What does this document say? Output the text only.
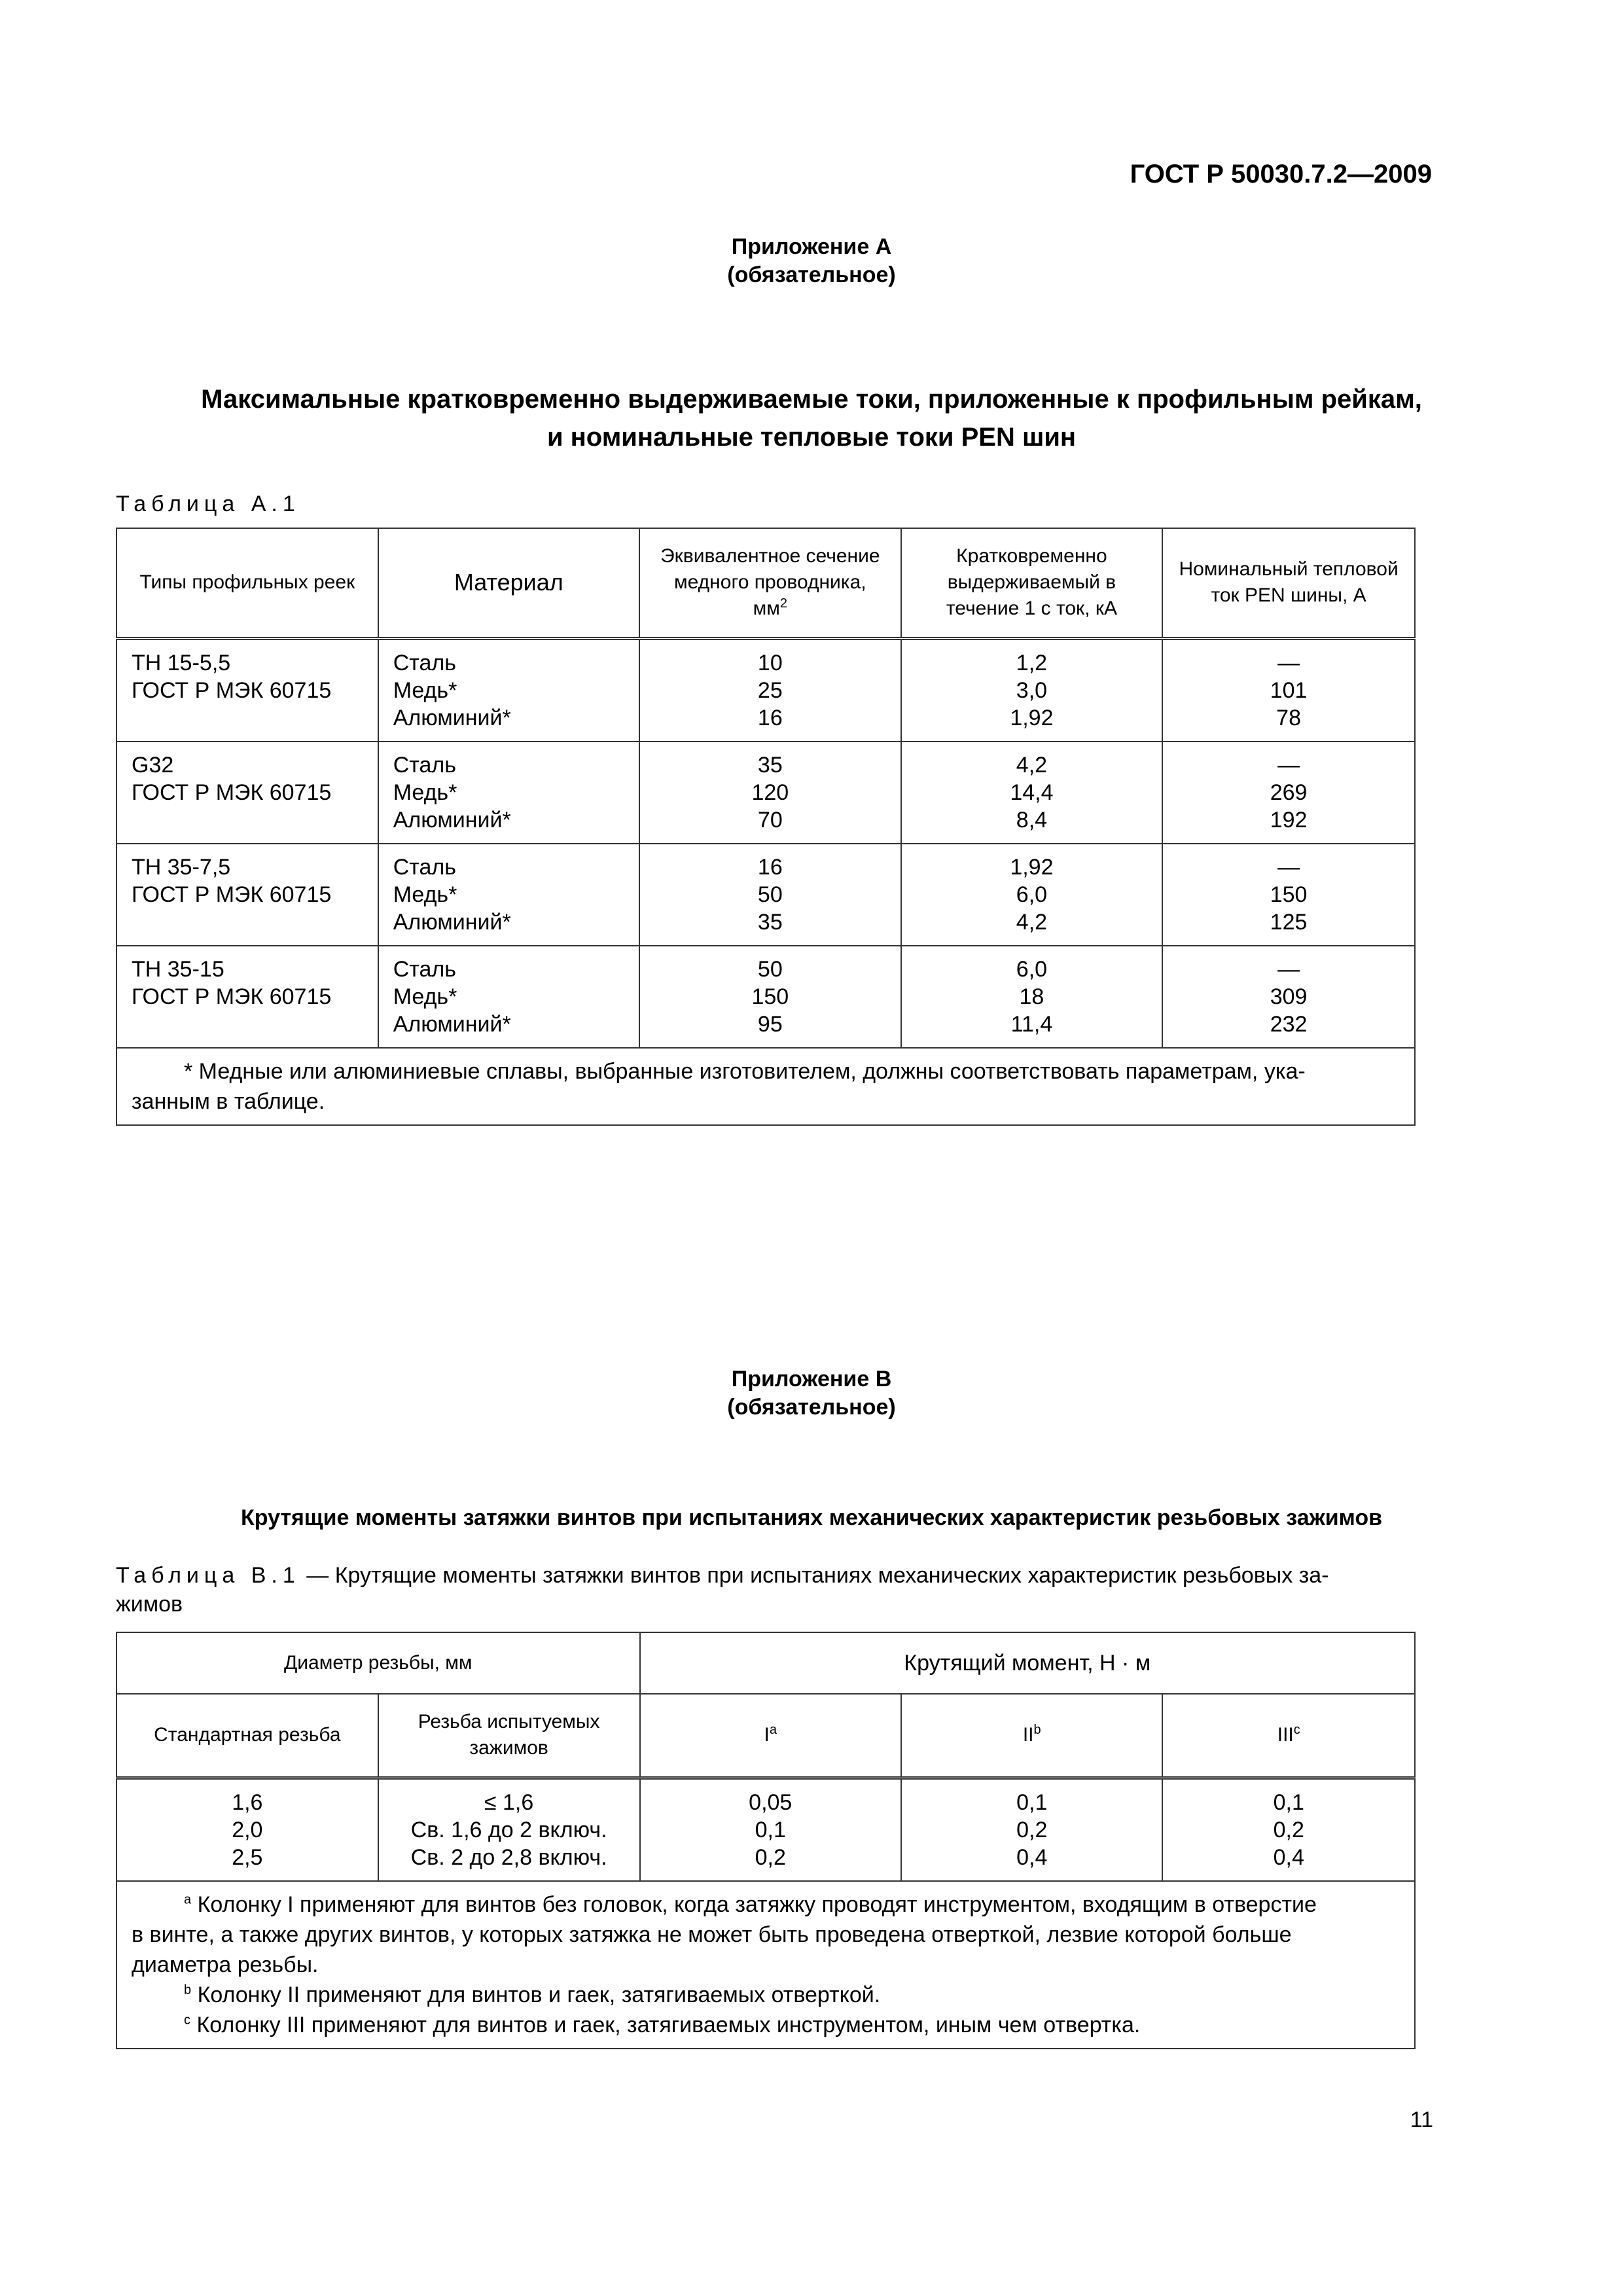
ГОСТ Р 50030.7.2—2009
Приложение А
(обязательное)
Максимальные кратковременно выдерживаемые токи, приложенные к профильным рейкам,
и номинальные тепловые токи PEN шин
Таблица А.1
Типы профильных реек	Материал	Эквивалентное сечение
медного проводника,
$мм^2$	Кратковременно
выдерживаемый в
течение 1 с ток, кА	Номинальный тепловой
ток PEN шины, А

TH 15-5,5
ГОСТ Р МЭК 60715	Сталь
Медь*
Алюминий*	10
25
16	1,2
3,0
1,92	—
101
78

G32
ГОСТ Р МЭК 60715	Сталь
Медь*
Алюминий*	35
120
70	4,2
14,4
8,4	—
269
192

TH 35-7,5
ГОСТ Р МЭК 60715	Сталь
Медь*
Алюминий*	16
50
35	1,92
6,0
4,2	—
150
125

TH 35-15
ГОСТ Р МЭК 60715	Сталь
Медь*
Алюминий*	50
150
95	6,0
18
11,4	—
309
232

* Медные или алюминиевые сплавы, выбранные изготовителем, должны соответствовать параметрам, ука-
занным в таблице.				
Приложение В
(обязательное)
Крутящие моменты затяжки винтов при испытаниях механических характеристик резьбовых зажимов
Таблица В.1 — Крутящие моменты затяжки винтов при испытаниях механических характеристик резьбовых за-
жимов
Диаметр резьбы, мм		Крутящий момент, Н · м		
Стандартная резьба	Резьба испытуемых
зажимов	$I^a$	$II^b$	III$^c$

1,6
2,0
2,5	≤ 1,6
Св. 1,6 до 2 включ.
Св. 2 до 2,8 включ.	0,05
0,1
0,2	0,1
0,2
0,4	0,1
0,2
0,4

$^a$ Колонку I применяют для винтов без головок, когда затяжку проводят инструментом, входящим в отверстие
в винте, а также других винтов, у которых затяжка не может быть проведена отверткой, лезвие которой больше
диаметра резьбы.
$^b$ Колонку II применяют для винтов и гаек, затягиваемых отверткой.
$^c$ Колонку III применяют для винтов и гаек, затягиваемых инструментом, иным чем отвертка.				
11
